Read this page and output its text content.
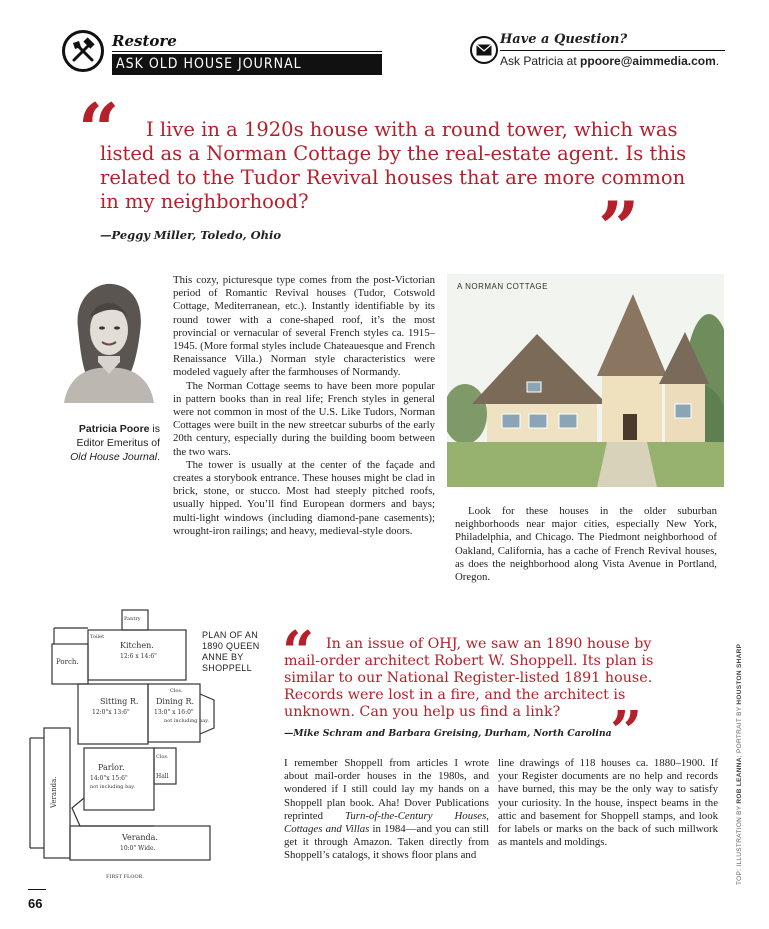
Restore
ASK OLD HOUSE JOURNAL
Have a Question?
Ask Patricia at ppoore@aimmedia.com.
“	I live in a 1920s house with a round tower, which was listed as a Norman Cottage by the real-estate agent. Is this related to the Tudor Revival houses that are more common in my neighborhood?	”
—Peggy Miller, Toledo, Ohio
Patricia Poore is Editor Emeritus of Old House Journal.

This cozy, picturesque type comes from the post-Victorian period of Romantic Revival houses (Tudor, Cotswold Cottage, Mediterranean, etc.). Instantly identifiable by its round tower with a cone-shaped roof, it’s the most provincial or vernacular of several French styles ca. 1915–1945. (More formal styles include Chateauesque and French Renaissance Villa.) Norman style characteristics were modeled vaguely after the farmhouses of Normandy.

The Norman Cottage seems to have been more popular in pattern books than in real life; French styles in general were not common in most of the U.S. Like Tudors, Norman Cottages were built in the new streetcar suburbs of the early 20th century, especially during the building boom between the two wars.

The tower is usually at the center of the façade and creates a storybook entrance. These houses might be clad in brick, stone, or stucco. Most had steeply pitched roofs, usually hipped. You’ll find European dormers and bays; multi-light windows (including diamond-pane casements); wrought-iron railings; and heavy, medieval-style doors.

A NORMAN COTTAGE

Look for these houses in the older suburban neighborhoods near major cities, especially New York, Philadelphia, and Chicago. The Piedmont neighborhood of Oakland, California, has a cache of French Revival houses, as does the neighborhood along Vista Avenue in Portland, Oregon.

Kitchen.
12:6 x 14:6"
Porch.
Sitting R.
12:0"x 13:6"
Dining R.
13:0" x 16:0"
not including bay.
Parlor.
14:0"x 15:6"
not including bay.
Hall
Clos.
Clos.
Pantry
Toilet
Veranda.
Veranda.
10:0" Wide.
FIRST FLOOR.
PLAN OF AN 1890 QUEEN ANNE BY SHOPPELL “ In an issue of OHJ, we saw an 1890 house by mail-order architect Robert W. Shoppell. Its plan is similar to our National Register-listed 1891 house. Records were lost in a fire, and the architect is unknown. Can you help us find a link? ”
—Mike Schram and Barbara Greising, Durham, North Carolina

I remember Shoppell from articles I wrote about mail-order houses in the 1980s, and wondered if I still could lay my hands on a Shoppell plan book. Aha! Dover Publications reprinted Turn-of-the-Century Houses, Cottages and Villas in 1984—and you can still get it through Amazon. Taken directly from Shoppell’s catalogs, it shows floor plans and

line drawings of 118 houses ca. 1880–1900. If your Register documents are no help and records have burned, this may be the only way to satisfy your curiosity. In the house, inspect beams in the attic and basement for Shoppell stamps, and look for labels or marks on the back of such millwork as mantels and moldings.	TOP: ILLUSTRATION BY ROB LEANNA; PORTRAIT BY HOUSTON SHARP
66
